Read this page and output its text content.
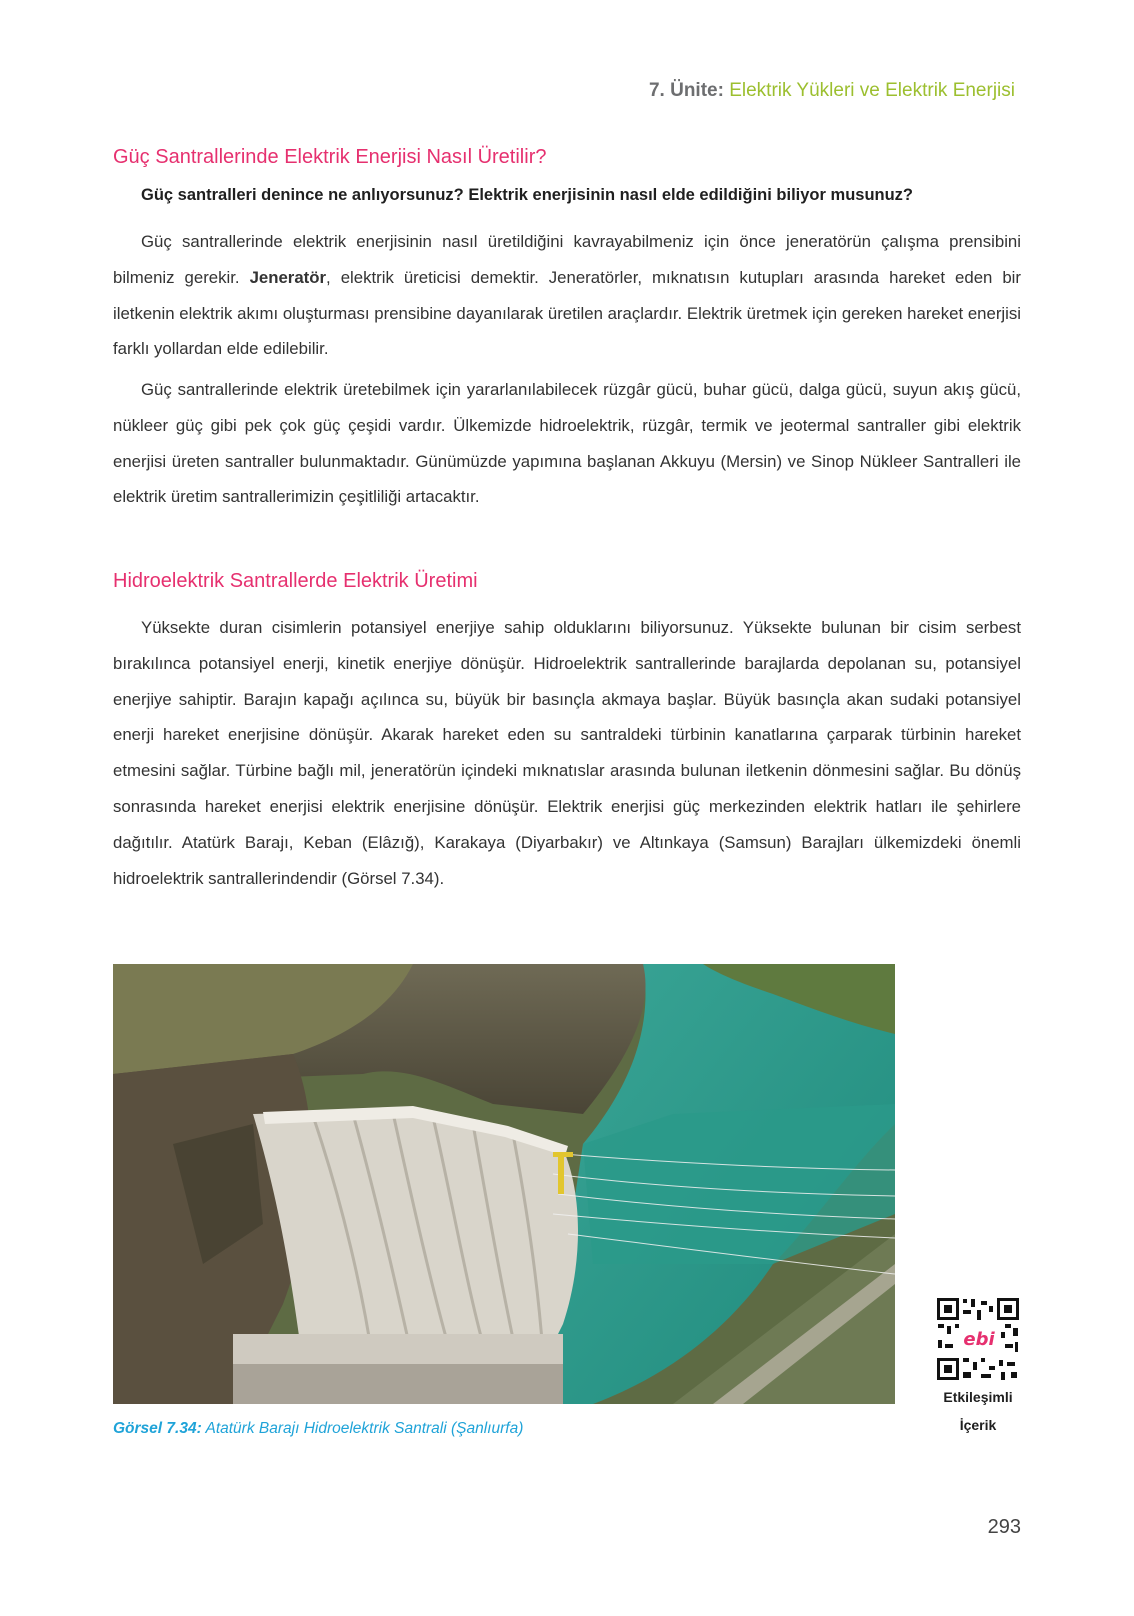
7. Ünite: Elektrik Yükleri ve Elektrik Enerjisi
Güç Santrallerinde Elektrik Enerjisi Nasıl Üretilir?

Güç santralleri denince ne anlıyorsunuz? Elektrik enerjisinin nasıl elde edildiğini biliyor musunuz?

Güç santrallerinde elektrik enerjisinin nasıl üretildiğini kavrayabilmeniz için önce jeneratörün çalışma prensibini bilmeniz gerekir. Jeneratör, elektrik üreticisi demektir. Jeneratörler, mıknatısın kutupları arasında hareket eden bir iletkenin elektrik akımı oluşturması prensibine dayanılarak üretilen araçlardır. Elektrik üretmek için gereken hareket enerjisi farklı yollardan elde edilebilir.

Güç santrallerinde elektrik üretebilmek için yararlanılabilecek rüzgâr gücü, buhar gücü, dalga gücü, suyun akış gücü, nükleer güç gibi pek çok güç çeşidi vardır. Ülkemizde hidroelektrik, rüzgâr, termik ve jeotermal santraller gibi elektrik enerjisi üreten santraller bulunmaktadır. Günümüzde yapımına başlanan Akkuyu (Mersin) ve Sinop Nükleer Santralleri ile elektrik üretim santrallerimizin çeşitliliği artacaktır.

Hidroelektrik Santrallerde Elektrik Üretimi

Yüksekte duran cisimlerin potansiyel enerjiye sahip olduklarını biliyorsunuz. Yüksekte bulunan bir cisim serbest bırakılınca potansiyel enerji, kinetik enerjiye dönüşür. Hidroelektrik santrallerinde barajlarda depolanan su, potansiyel enerjiye sahiptir. Barajın kapağı açılınca su, büyük bir basınçla akmaya başlar. Büyük basınçla akan sudaki potansiyel enerji hareket enerjisine dönüşür. Akarak hareket eden su santraldeki türbinin kanatlarına çarparak türbinin hareket etmesini sağlar. Türbine bağlı mil, jeneratörün içindeki mıknatıslar arasında bulunan iletkenin dönmesini sağlar. Bu dönüş sonrasında hareket enerjisi elektrik enerjisine dönüşür. Elektrik enerjisi güç merkezinden elektrik hatları ile şehirlere dağıtılır. Atatürk Barajı, Keban (Elâzığ), Karakaya (Diyarbakır) ve Altınkaya (Samsun) Barajları ülkemizdeki önemli hidroelektrik santrallerindendir (Görsel 7.34).

Görsel 7.34: Atatürk Barajı Hidroelektrik Santrali (Şanlıurfa)
ebi
Etkileşimli
İçerik
293
